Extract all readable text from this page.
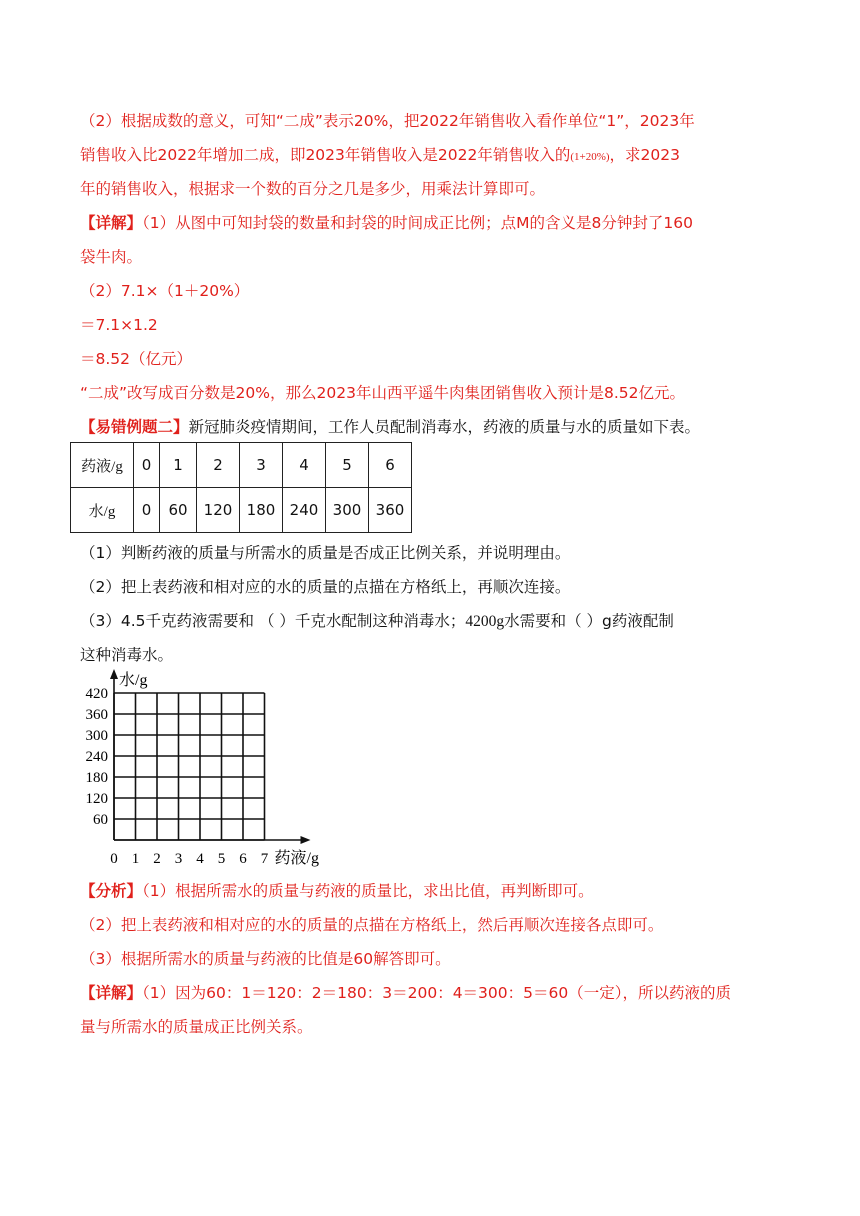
（2）根据成数的意义，可知“二成”表示20%，把2022年销售收入看作单位“1”，2023年
销售收入比2022年增加二成，即2023年销售收入是2022年销售收入的(1+20%)，求2023
年的销售收入，根据求一个数的百分之几是多少，用乘法计算即可。
【详解】（1）从图中可知封袋的数量和封袋的时间成正比例；点M的含义是8分钟封了160
袋牛肉。
（2）7.1×（1＋20%）
＝7.1×1.2
＝8.52（亿元）
“二成”改写成百分数是20%，那么2023年山西平遥牛肉集团销售收入预计是8.52亿元。
【易错例题二】新冠肺炎疫情期间，工作人员配制消毒水，药液的质量与水的质量如下表。
药液/g	0	1	2	3	4	5	6
水/g	0	60	120	180	240	300	360
（1）判断药液的质量与所需水的质量是否成正比例关系，并说明理由。
（2）把上表药液和相对应的水的质量的点描在方格纸上，再顺次连接。
（3）4.5千克药液需要和 （ ）千克水配制这种消毒水；4200g水需要和（ ）g药液配制
这种消毒水。
60
120
180
240
300
360
420
0 1 2 3 4 5 6 7 药液/g
水/g
【分析】（1）根据所需水的质量与药液的质量比，求出比值，再判断即可。
（2）把上表药液和相对应的水的质量的点描在方格纸上，然后再顺次连接各点即可。
（3）根据所需水的质量与药液的比值是60解答即可。
【详解】（1）因为60：1＝120：2＝180：3＝200：4＝300：5＝60（一定），所以药液的质
量与所需水的质量成正比例关系。
